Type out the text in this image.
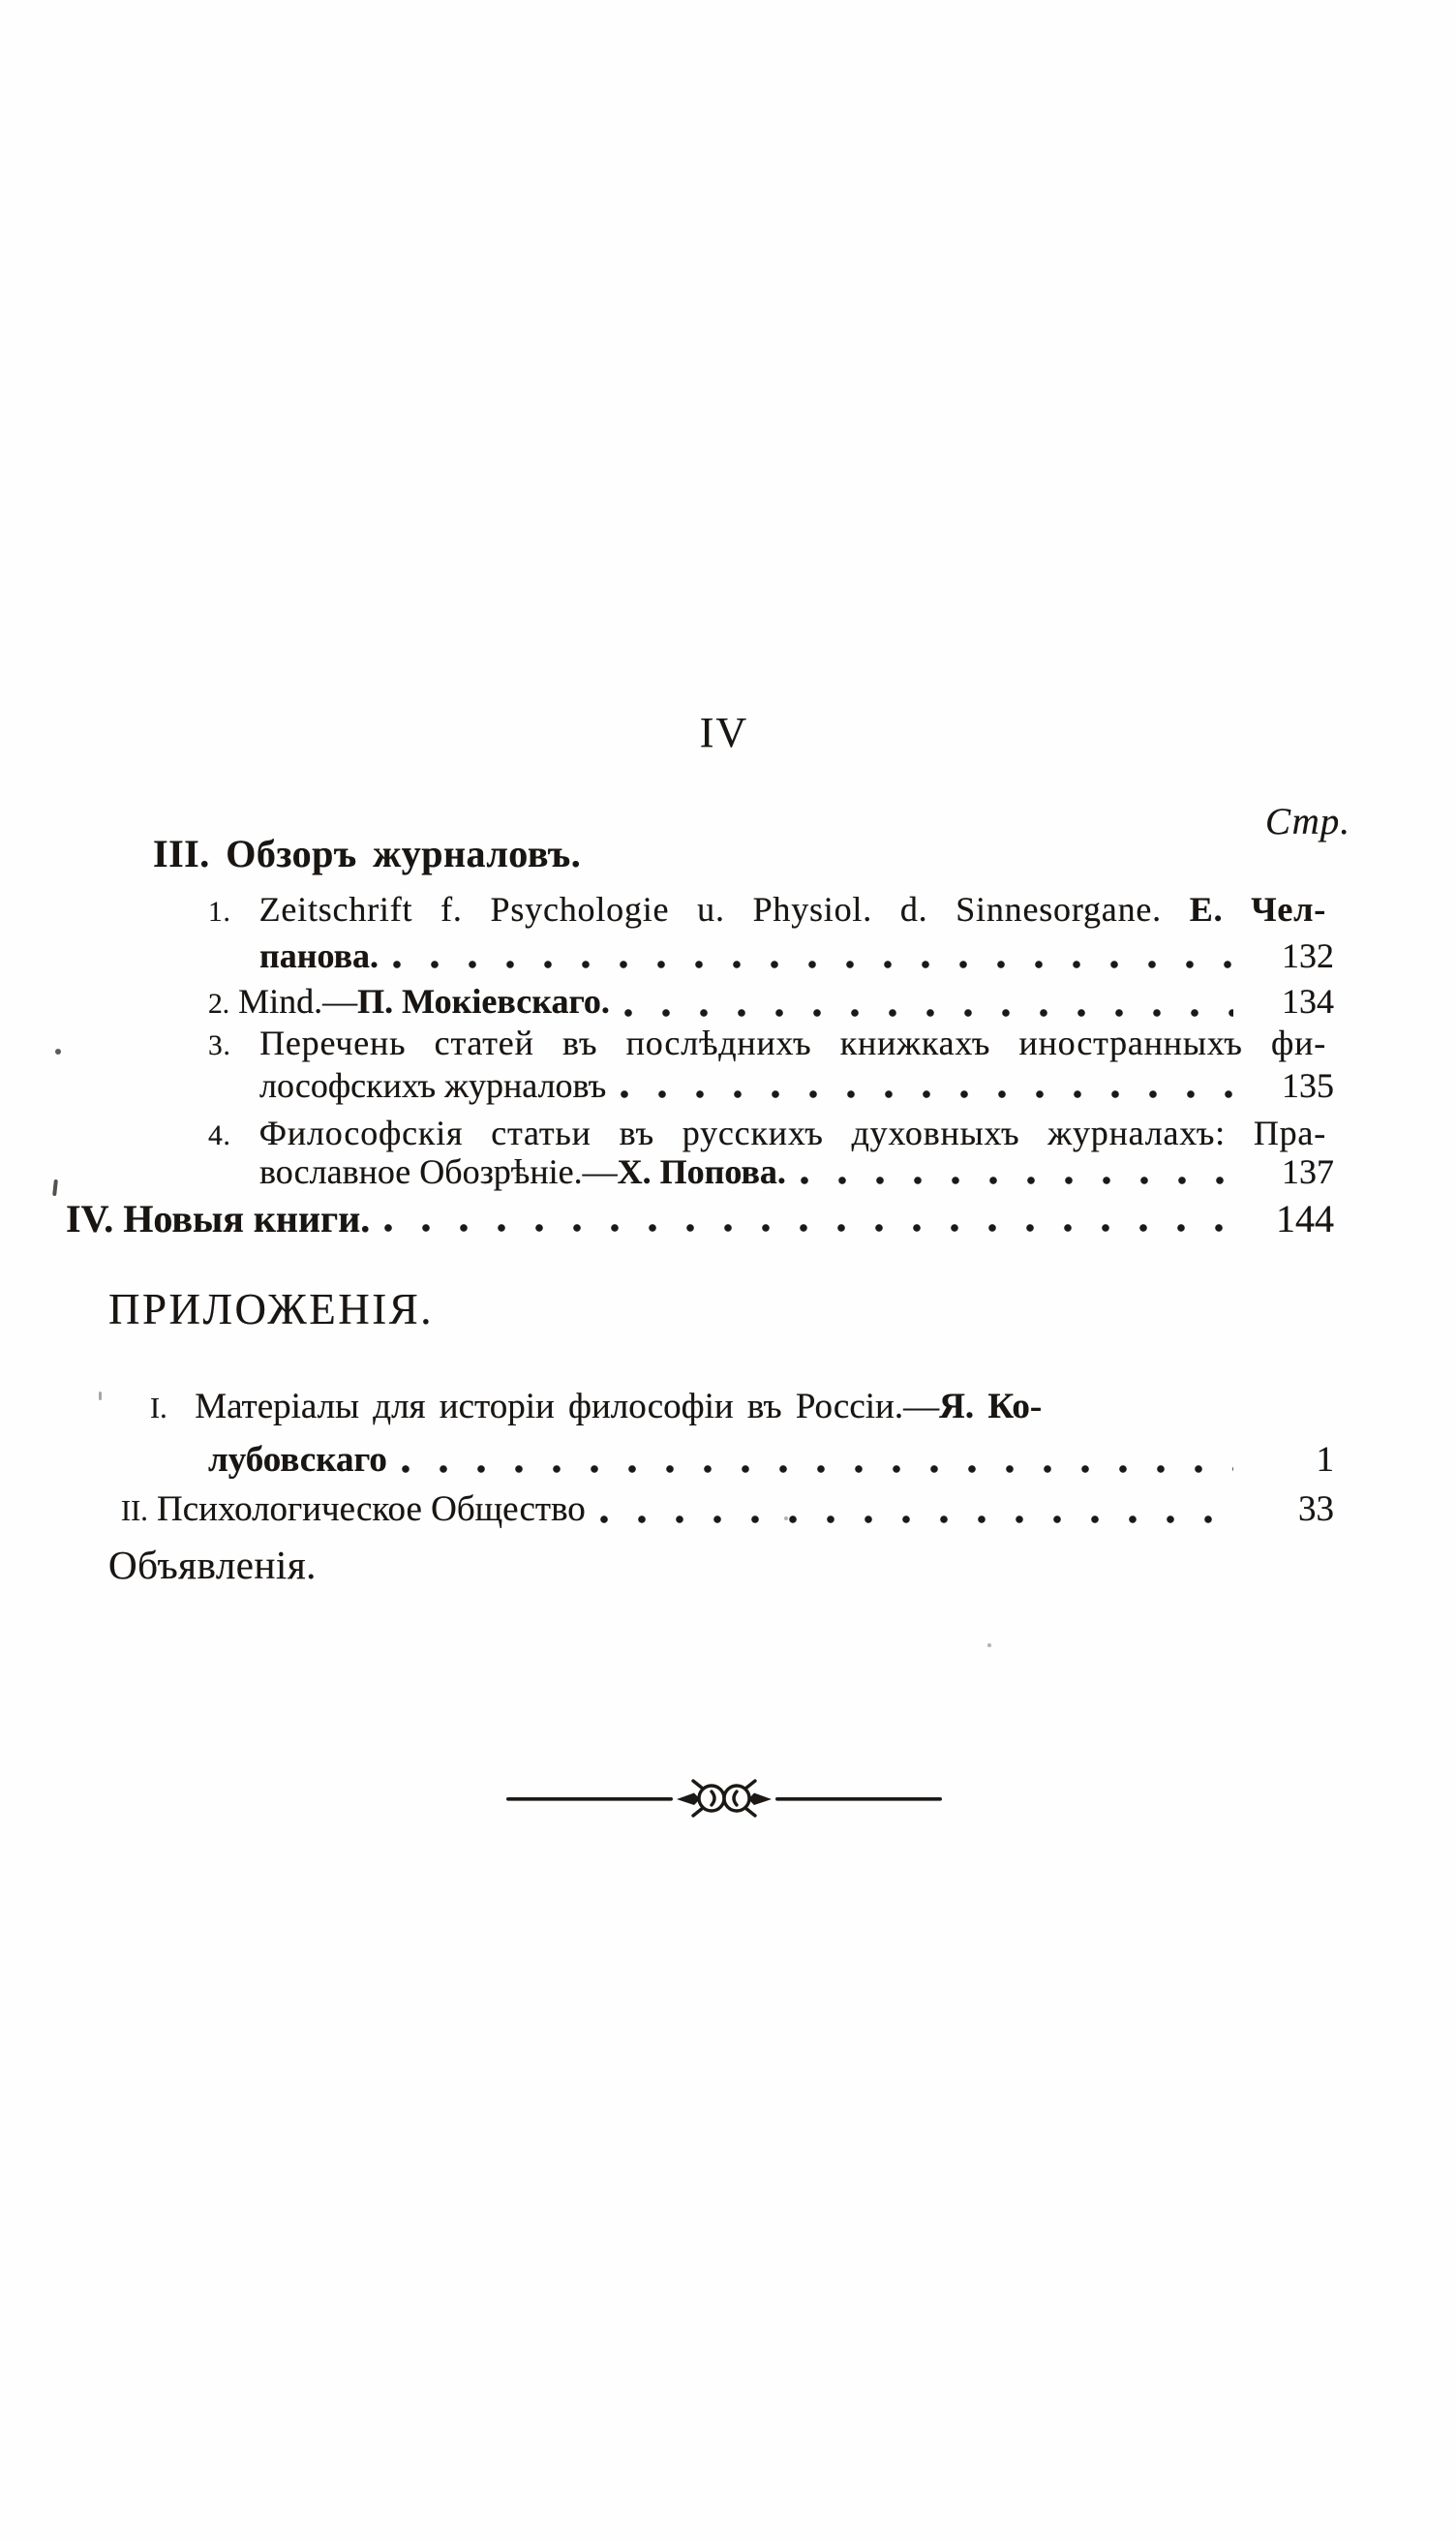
IV
Стр.
III. Обзоръ журналовъ.
1. Zeitschrift f. Psychologie u. Physiol. d. Sinnesorgane. Е. Чел-
панова.	132
2. Mind.—П. Мокіевскаго.	134
3. Перечень статей въ послѣднихъ книжкахъ иностранныхъ фи-
лософскихъ журналовъ	135
4. Философскія статьи въ русскихъ духовныхъ журналахъ: Пра-
вославное Обозрѣніе.—Х. Попова.	137
IV. Новыя книги.	144
ПРИЛОЖЕНІЯ.
I. Матеріалы для исторіи философіи въ Россіи.—Я. Ко-
лубовскаго	1
II. Психологическое Общество	33
Объявленія.
